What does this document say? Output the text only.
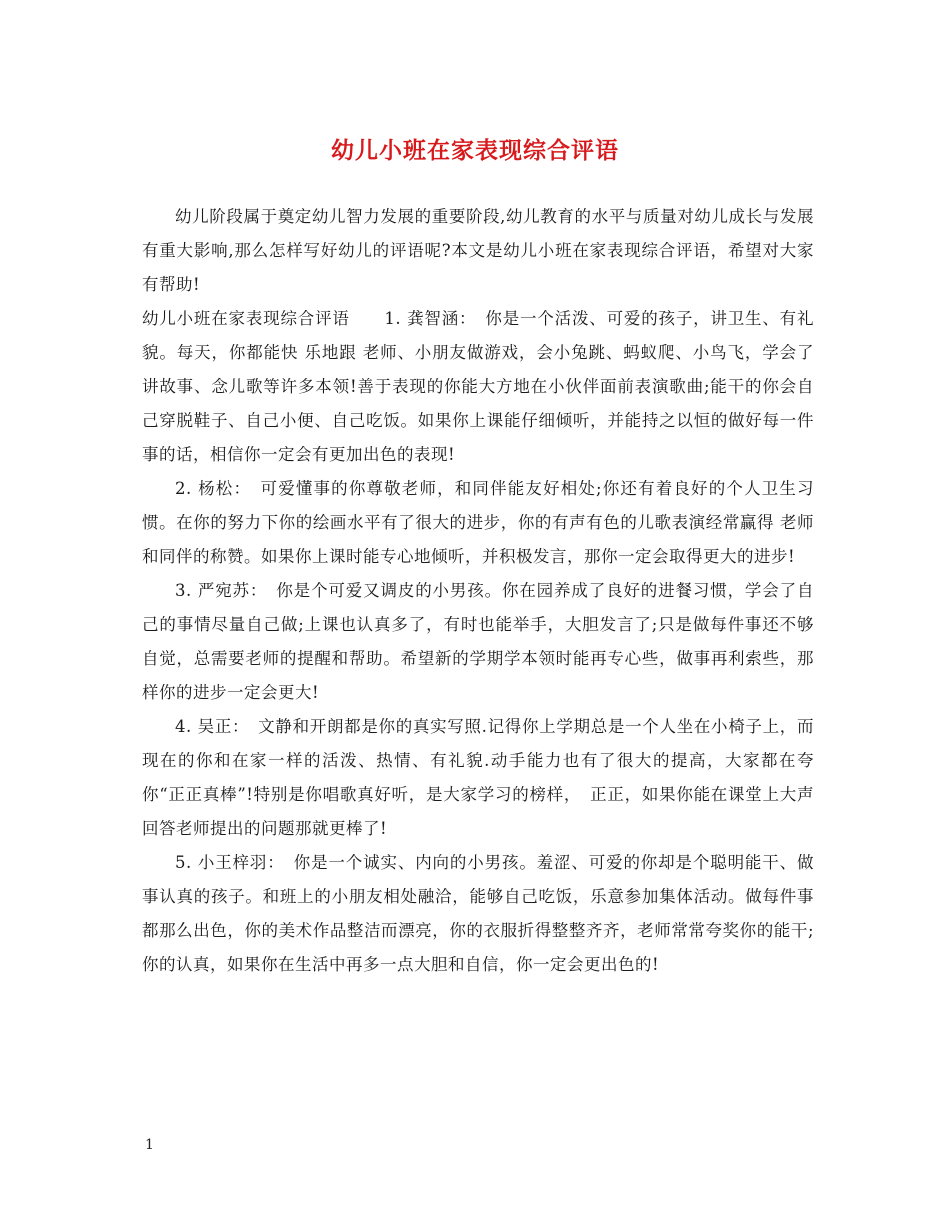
幼儿小班在家表现综合评语

幼儿阶段属于奠定幼儿智力发展的重要阶段,幼儿教育的水平与质量对幼儿成长与发展有重大影响,那么怎样写好幼儿的评语呢?本文是幼儿小班在家表现综合评语，希望对大家有帮助!

幼儿小班在家表现综合评语　　1. 龚智涵：　你是一个活泼、可爱的孩子，讲卫生、有礼貌。每天，你都能快 乐地跟 老师、小朋友做游戏，会小兔跳、蚂蚁爬、小鸟飞，学会了讲故事、念儿歌等许多本领!善于表现的你能大方地在小伙伴面前表演歌曲;能干的你会自己穿脱鞋子、自己小便、自己吃饭。如果你上课能仔细倾听，并能持之以恒的做好每一件事的话，相信你一定会有更加出色的表现!

2. 杨松：　可爱懂事的你尊敬老师，和同伴能友好相处;你还有着良好的个人卫生习惯。在你的努力下你的绘画水平有了很大的进步，你的有声有色的儿歌表演经常赢得 老师和同伴的称赞。如果你上课时能专心地倾听，并积极发言，那你一定会取得更大的进步!

3. 严宛苏：　你是个可爱又调皮的小男孩。你在园养成了良好的进餐习惯，学会了自己的事情尽量自己做;上课也认真多了，有时也能举手，大胆发言了;只是做每件事还不够自觉，总需要老师的提醒和帮助。希望新的学期学本领时能再专心些，做事再利索些，那样你的进步一定会更大!

4. 吴正：　文静和开朗都是你的真实写照.记得你上学期总是一个人坐在小椅子上，而现在的你和在家一样的活泼、热情、有礼貌.动手能力也有了很大的提高，大家都在夸你“正正真棒”!特别是你唱歌真好听，是大家学习的榜样，　正正，如果你能在课堂上大声回答老师提出的问题那就更棒了!

5. 小王梓羽：　你是一个诚实、内向的小男孩。羞涩、可爱的你却是个聪明能干、做事认真的孩子。和班上的小朋友相处融洽，能够自己吃饭，乐意参加集体活动。做每件事都那么出色，你的美术作品整洁而漂亮，你的衣服折得整整齐齐，老师常常夸奖你的能干;你的认真，如果你在生活中再多一点大胆和自信，你一定会更出色的!

1
